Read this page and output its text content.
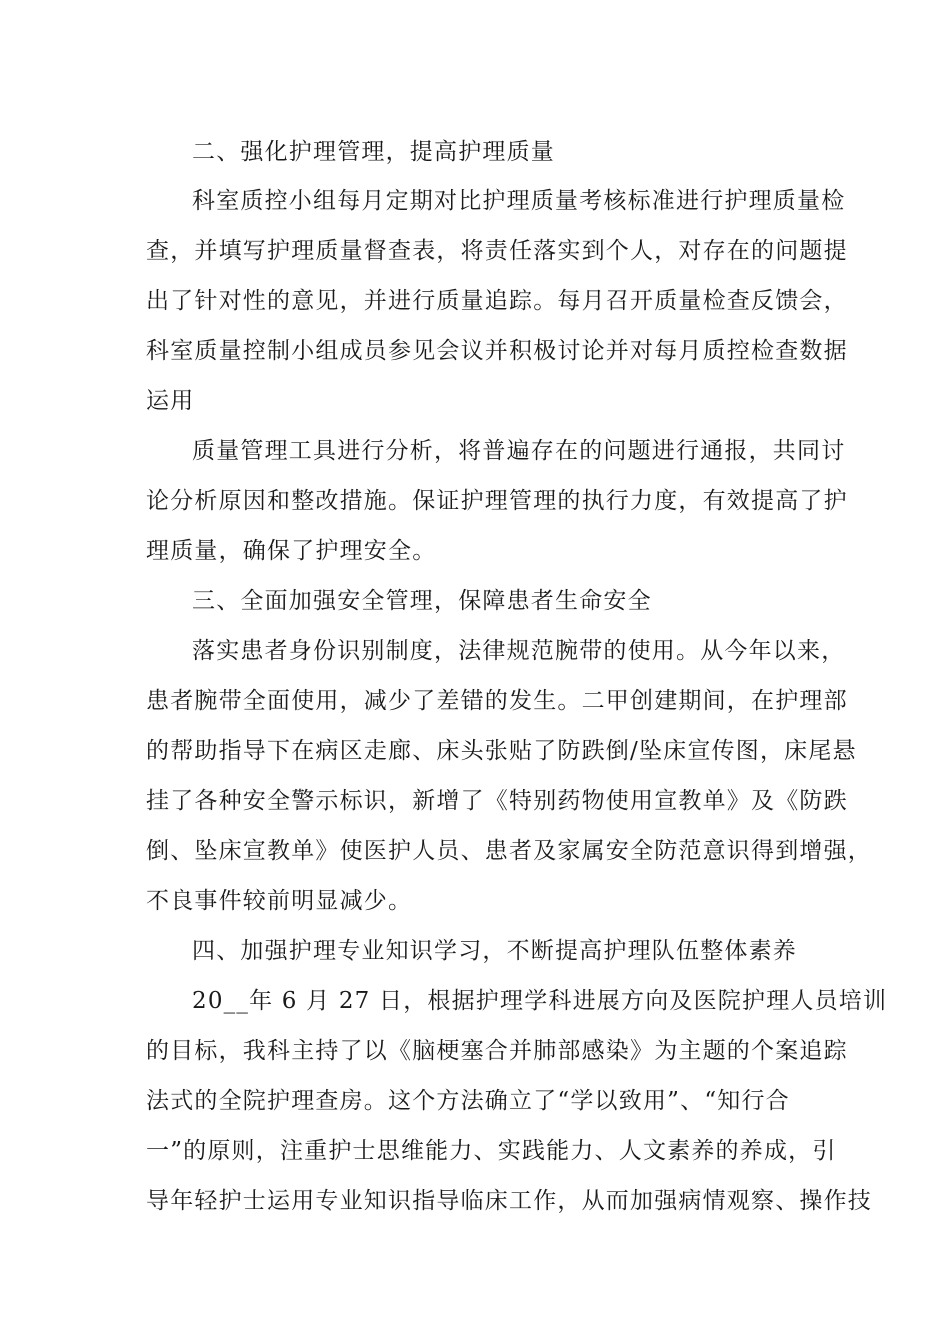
二、强化护理管理，提高护理质量
科室质控小组每月定期对比护理质量考核标准进行护理质量检
查，并填写护理质量督查表，将责任落实到个人，对存在的问题提
出了针对性的意见，并进行质量追踪。每月召开质量检查反馈会，
科室质量控制小组成员参见会议并积极讨论并对每月质控检查数据
运用
质量管理工具进行分析，将普遍存在的问题进行通报，共同讨
论分析原因和整改措施。保证护理管理的执行力度，有效提高了护
理质量，确保了护理安全。
三、全面加强安全管理，保障患者生命安全
落实患者身份识别制度，法律规范腕带的使用。从今年以来，
患者腕带全面使用，减少了差错的发生。二甲创建期间，在护理部
的帮助指导下在病区走廊、床头张贴了防跌倒/坠床宣传图，床尾悬
挂了各种安全警示标识，新增了《特别药物使用宣教单》及《防跌
倒、坠床宣教单》使医护人员、患者及家属安全防范意识得到增强，
不良事件较前明显减少。
四、加强护理专业知识学习，不断提高护理队伍整体素养
20__年 6 月 27 日，根据护理学科进展方向及医院护理人员培训
的目标，我科主持了以《脑梗塞合并肺部感染》为主题的个案追踪
法式的全院护理查房。这个方法确立了“学以致用”、“知行合
一”的原则，注重护士思维能力、实践能力、人文素养的养成，引
导年轻护士运用专业知识指导临床工作，从而加强病情观察、操作技
